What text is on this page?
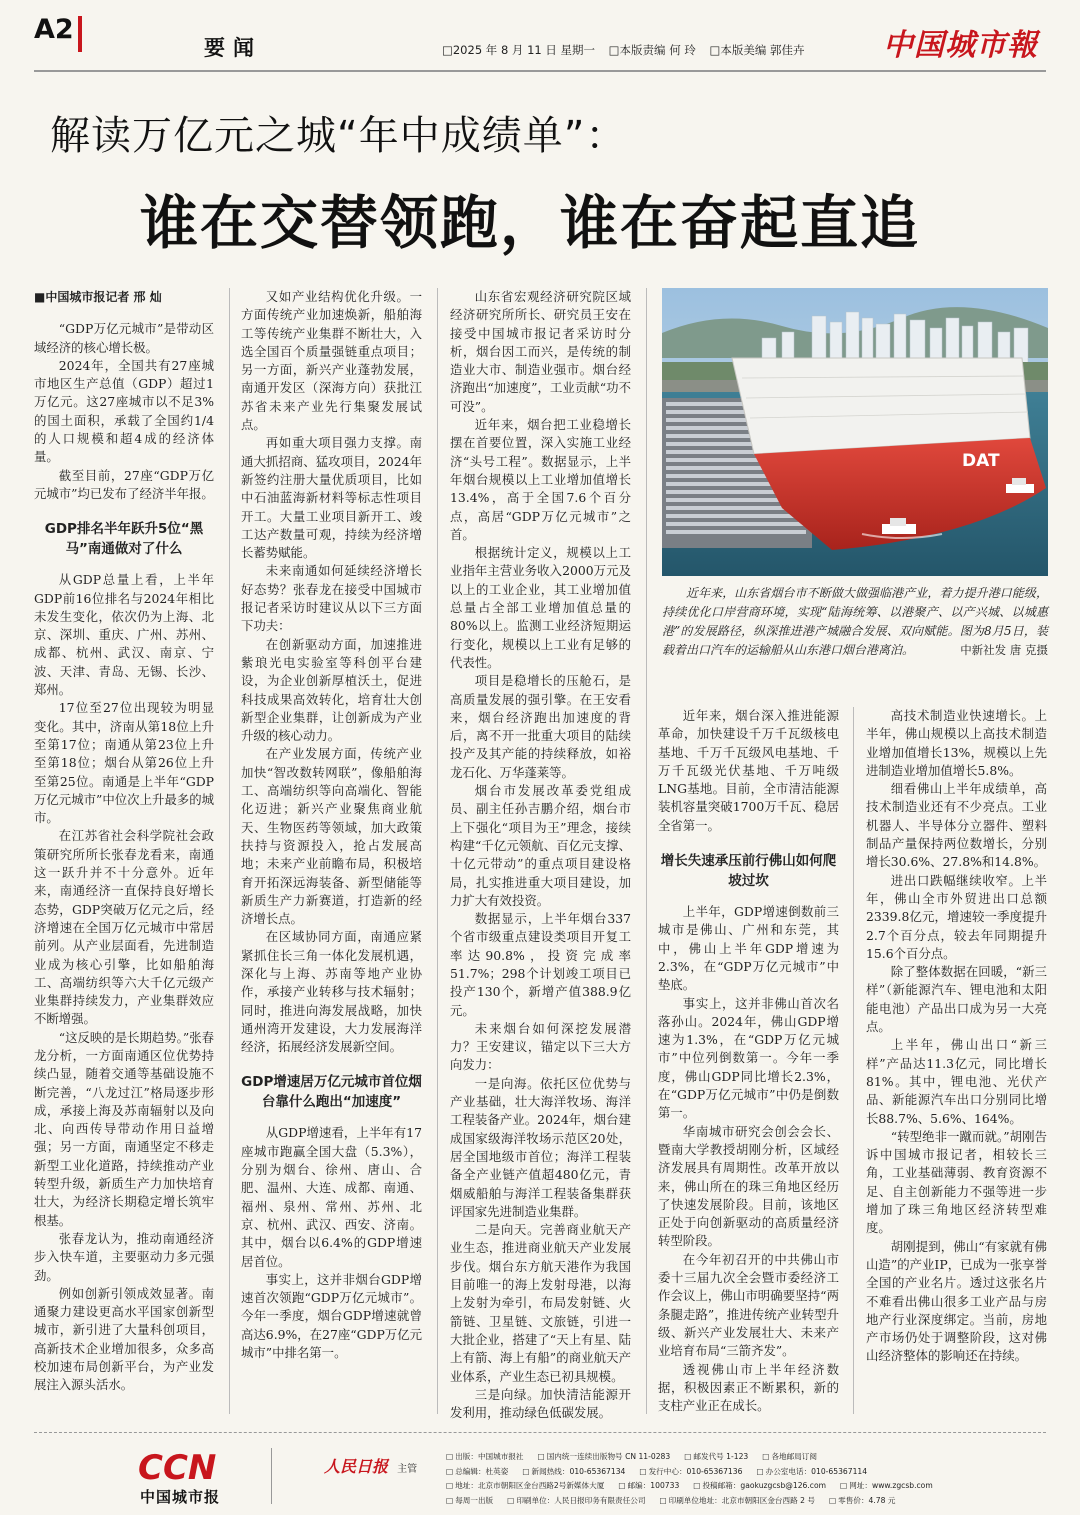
A2
要闻	□2025 年 8 月 11 日 星期一 □本版责编 何 玲 □本版美编 郭佳卉	中国城市報
解读万亿元之城“年中成绩单”：
谁在交替领跑，谁在奋起直追

■中国城市报记者 邢 灿

“GDP万亿元城市”是带动区域经济的核心增长极。

2024年，全国共有27座城市地区生产总值（GDP）超过1万亿元。这27座城市以不足3%的国土面积，承载了全国约1/4的人口规模和超4成的经济体量。

截至目前，27座“GDP万亿元城市”均已发布了经济半年报。

GDP排名半年跃升5位“黑马”南通做对了什么

从GDP总量上看，上半年GDP前16位排名与2024年相比未发生变化，依次仍为上海、北京、深圳、重庆、广州、苏州、成都、杭州、武汉、南京、宁波、天津、青岛、无锡、长沙、郑州。

17位至27位出现较为明显变化。其中，济南从第18位上升至第17位；南通从第23位上升至第18位；烟台从第26位上升至第25位。南通是上半年“GDP万亿元城市”中位次上升最多的城市。

在江苏省社会科学院社会政策研究所所长张春龙看来，南通这一跃升并不十分意外。近年来，南通经济一直保持良好增长态势，GDP突破万亿元之后，经济增速在全国万亿元城市中常居前列。从产业层面看，先进制造业成为核心引擎，比如船舶海工、高端纺织等六大千亿元级产业集群持续发力，产业集群效应不断增强。

“这反映的是长期趋势。”张春龙分析，一方面南通区位优势持续凸显，随着交通等基础设施不断完善，“八龙过江”格局逐步形成，承接上海及苏南辐射以及向北、向西传导带动作用日益增强；另一方面，南通坚定不移走新型工业化道路，持续推动产业转型升级，新质生产力加快培育壮大，为经济长期稳定增长筑牢根基。

张春龙认为，推动南通经济步入快车道，主要驱动力多元强劲。

例如创新引领成效显著。南通聚力建设更高水平国家创新型城市，新引进了大量科创项目，高新技术企业增加很多，众多高校加速布局创新平台，为产业发展注入源头活水。

又如产业结构优化升级。一方面传统产业加速焕新，船舶海工等传统产业集群不断壮大，入选全国百个质量强链重点项目；另一方面，新兴产业蓬勃发展，南通开发区（深海方向）获批江苏省未来产业先行集聚发展试点。

再如重大项目强力支撑。南通大抓招商、猛攻项目，2024年新签约注册大量优质项目，比如中石油蓝海新材料等标志性项目开工。大量工业项目新开工、竣工达产数量可观，持续为经济增长蓄势赋能。

未来南通如何延续经济增长好态势？张春龙在接受中国城市报记者采访时建议从以下三方面下功夫：

在创新驱动方面，加速推进紫琅光电实验室等科创平台建设，为企业创新厚植沃土，促进科技成果高效转化，培育壮大创新型企业集群，让创新成为产业升级的核心动力。

在产业发展方面，传统产业加快“智改数转网联”，像船舶海工、高端纺织等向高端化、智能化迈进；新兴产业聚焦商业航天、生物医药等领域，加大政策扶持与资源投入，抢占发展高地；未来产业前瞻布局，积极培育开拓深远海装备、新型储能等新质生产力新赛道，打造新的经济增长点。

在区域协同方面，南通应紧紧抓住长三角一体化发展机遇，深化与上海、苏南等地产业协作，承接产业转移与技术辐射；同时，推进向海发展战略，加快通州湾开发建设，大力发展海洋经济，拓展经济发展新空间。

GDP增速居万亿元城市首位烟台靠什么跑出“加速度”

从GDP增速看，上半年有17座城市跑赢全国大盘（5.3%），分别为烟台、徐州、唐山、合肥、温州、大连、成都、南通、福州、泉州、常州、苏州、北京、杭州、武汉、西安、济南。其中，烟台以6.4%的GDP增速居首位。

事实上，这并非烟台GDP增速首次领跑“GDP万亿元城市”。今年一季度，烟台GDP增速就曾高达6.9%，在27座“GDP万亿元城市”中排名第一。

山东省宏观经济研究院区域经济研究所所长、研究员王安在接受中国城市报记者采访时分析，烟台因工而兴，是传统的制造业大市、制造业强市。烟台经济跑出“加速度”，工业贡献“功不可没”。

近年来，烟台把工业稳增长摆在首要位置，深入实施工业经济“头号工程”。数据显示，上半年烟台规模以上工业增加值增长13.4%，高于全国7.6个百分点，高居“GDP万亿元城市”之首。

根据统计定义，规模以上工业指年主营业务收入2000万元及以上的工业企业，其工业增加值总量占全部工业增加值总量的80%以上。监测工业经济短期运行变化，规模以上工业有足够的代表性。

项目是稳增长的压舱石，是高质量发展的强引擎。在王安看来，烟台经济跑出加速度的背后，离不开一批重大项目的陆续投产及其产能的持续释放，如裕龙石化、万华蓬莱等。

烟台市发展改革委党组成员、副主任孙吉鹏介绍，烟台市上下强化“项目为王”理念，接续构建“千亿元领航、百亿元支撑、十亿元带动”的重点项目建设格局，扎实推进重大项目建设，加力扩大有效投资。

数据显示，上半年烟台337个省市级重点建设类项目开复工率达90.8%，投资完成率51.7%；298个计划竣工项目已投产130个，新增产值388.9亿元。

未来烟台如何深挖发展潜力？王安建议，锚定以下三大方向发力：

一是向海。依托区位优势与产业基础，壮大海洋牧场、海洋工程装备产业。2024年，烟台建成国家级海洋牧场示范区20处，居全国地级市首位；海洋工程装备全产业链产值超480亿元，青烟威船舶与海洋工程装备集群获评国家先进制造业集群。

二是向天。完善商业航天产业生态，推进商业航天产业发展步伐。烟台东方航天港作为我国目前唯一的海上发射母港，以海上发射为牵引，布局发射链、火箭链、卫星链、文旅链，引进一大批企业，搭建了“天上有星、陆上有箭、海上有船”的商业航天产业体系，产业生态已初具规模。

三是向绿。加快清洁能源开发利用，推动绿色低碳发展。

DAT
近年来，山东省烟台市不断做大做强临港产业，着力提升港口能级，持续优化口岸营商环境，实现“陆海统筹、以港聚产、以产兴城、以城惠港”的发展路径，纵深推进港产城融合发展、双向赋能。图为8月5日，装载着出口汽车的运输船从山东港口烟台港离泊。	中新社发 唐 克摄

近年来，烟台深入推进能源革命，加快建设千万千瓦级核电基地、千万千瓦级风电基地、千万千瓦级光伏基地、千万吨级LNG基地。目前，全市清洁能源装机容量突破1700万千瓦、稳居全省第一。

增长失速承压前行佛山如何爬坡过坎

上半年，GDP增速倒数前三城市是佛山、广州和东莞，其中，佛山上半年GDP增速为2.3%，在“GDP万亿元城市”中垫底。

事实上，这并非佛山首次名落孙山。2024年，佛山GDP增速为1.3%，在“GDP万亿元城市”中位列倒数第一。今年一季度，佛山GDP同比增长2.3%，在“GDP万亿元城市”中仍是倒数第一。

华南城市研究会创会会长、暨南大学教授胡刚分析，区域经济发展具有周期性。改革开放以来，佛山所在的珠三角地区经历了快速发展阶段。目前，该地区正处于向创新驱动的高质量经济转型阶段。

在今年初召开的中共佛山市委十三届九次全会暨市委经济工作会议上，佛山市明确要坚持“两条腿走路”，推进传统产业转型升级、新兴产业发展壮大、未来产业培育布局“三箭齐发”。

透视佛山市上半年经济数据，积极因素正不断累积，新的支柱产业正在成长。

高技术制造业快速增长。上半年，佛山规模以上高技术制造业增加值增长13%，规模以上先进制造业增加值增长5.8%。

细看佛山上半年成绩单，高技术制造业还有不少亮点。工业机器人、半导体分立器件、塑料制品产量保持两位数增长，分别增长30.6%、27.8%和14.8%。

进出口跌幅继续收窄。上半年，佛山全市外贸进出口总额2339.8亿元，增速较一季度提升2.7个百分点，较去年同期提升15.6个百分点。

除了整体数据在回暖，“新三样”（新能源汽车、锂电池和太阳能电池）产品出口成为另一大亮点。

上半年，佛山出口“新三样”产品达11.3亿元，同比增长81%。其中，锂电池、光伏产品、新能源汽车出口分别同比增长88.7%、5.6%、164%。

“转型绝非一蹴而就。”胡刚告诉中国城市报记者，相较长三角，工业基础薄弱、教育资源不足、自主创新能力不强等进一步增加了珠三角地区经济转型难度。

胡刚提到，佛山“有家就有佛山造”的产业IP，已成为一张享誉全国的产业名片。透过这张名片不难看出佛山很多工业产品与房地产行业深度绑定。当前，房地产市场仍处于调整阶段，这对佛山经济整体的影响还在持续。

CCN
中国城市报
人民日报 主管
□ 出版：中国城市报社	□ 国内统一连续出版物号 CN 11-0283	□ 邮发代号 1-123	□ 各地邮局订阅
□ 总编辑：杜英姿	□ 新闻热线：010-65367134	□ 发行中心：010-65367136	□ 办公室电话：010-65367114
□ 地址：北京市朝阳区金台西路2号新媒体大厦	□ 邮编：100733	□ 投稿邮箱：gaokuzgcsb@126.com	□ 网址：www.zgcsb.com
□ 每周一出版	□ 印刷单位：人民日报印务有限责任公司	□ 印刷单位地址：北京市朝阳区金台西路 2 号	□ 零售价：4.78 元
